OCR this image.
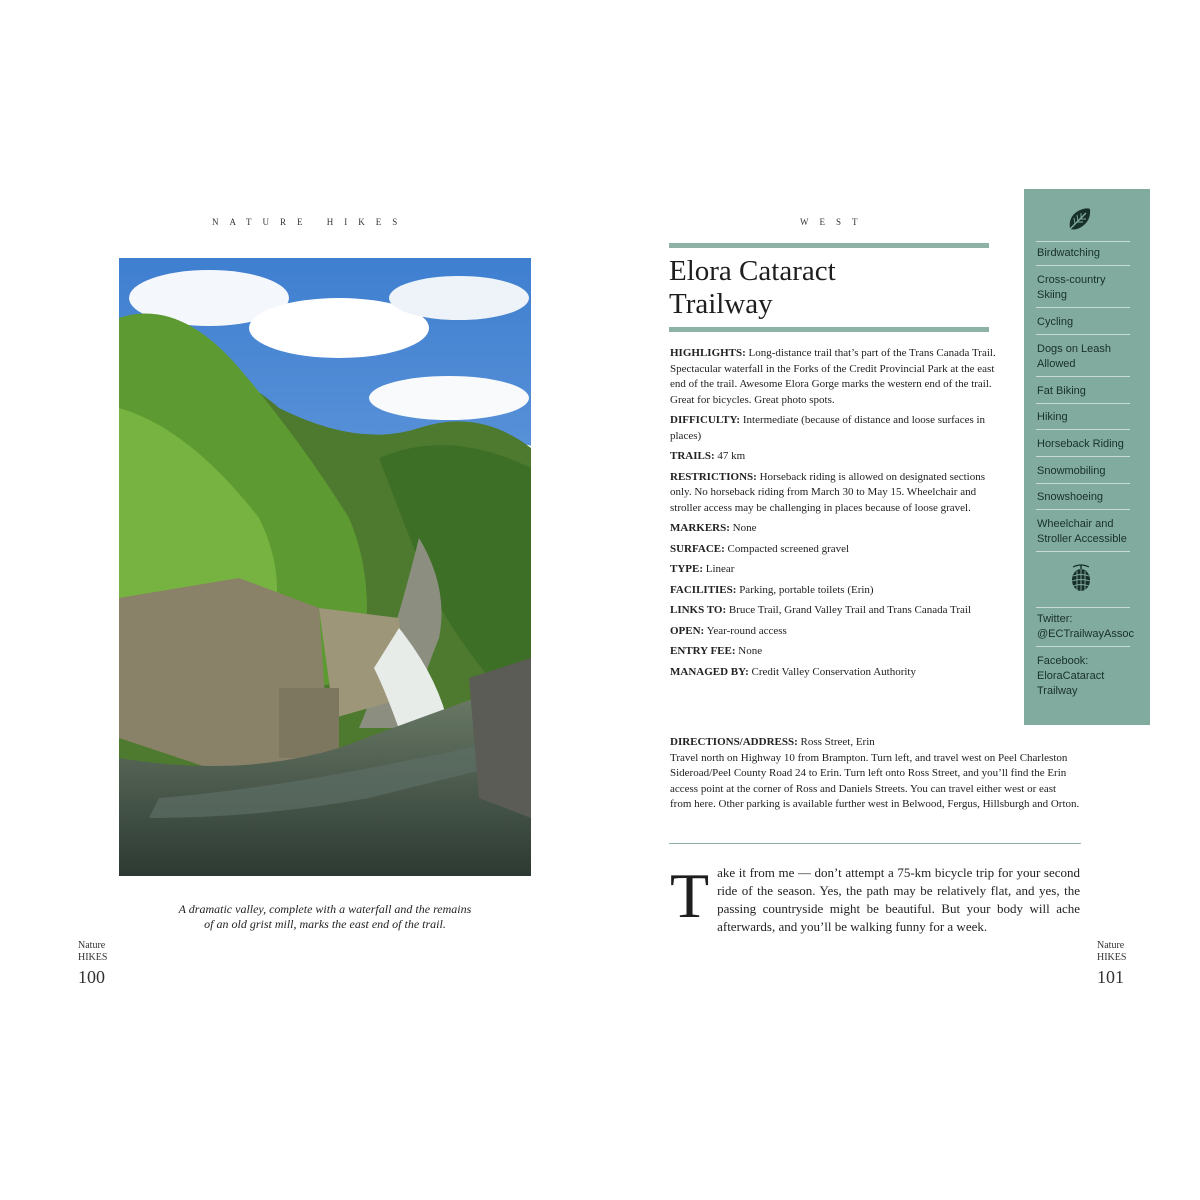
NATURE HIKES
A dramatic valley, complete with a waterfall and the remains
of an old grist mill, marks the east end of the trail.
Nature
HIKES
100
WEST
Elora Cataract
Trailway

HIGHLIGHTS: Long-distance trail that’s part of the Trans Canada Trail. Spectacular waterfall in the Forks of the Credit Provincial Park at the east end of the trail. Awesome Elora Gorge marks the western end of the trail. Great for bicycles. Great photo spots.

DIFFICULTY: Intermediate (because of distance and loose surfaces in places)

TRAILS: 47 km

RESTRICTIONS: Horseback riding is allowed on designated sections only. No horseback riding from March 30 to May 15. Wheelchair and stroller access may be challenging in places because of loose gravel.

MARKERS: None

SURFACE: Compacted screened gravel

TYPE: Linear

FACILITIES: Parking, portable toilets (Erin)

LINKS TO: Bruce Trail, Grand Valley Trail and Trans Canada Trail

OPEN: Year-round access

ENTRY FEE: None

MANAGED BY: Credit Valley Conservation Authority

DIRECTIONS/ADDRESS: Ross Street, Erin

Travel north on Highway 10 from Brampton. Turn left, and travel west on Peel Charleston Sideroad/Peel County Road 24 to Erin. Turn left onto Ross Street, and you’ll find the Erin access point at the corner of Ross and Daniels Streets. You can travel either west or east from here. Other parking is available further west in Belwood, Fergus, Hillsburgh and Orton.

Take it from me — don’t attempt a 75-km bicycle trip for your second ride of the season. Yes, the path may be relatively flat, and yes, the passing countryside might be beautiful. But your body will ache afterwards, and you’ll be walking funny for a week.
Nature
HIKES
101
Birdwatching
Cross-country Skiing
Cycling
Dogs on Leash Allowed
Fat Biking
Hiking
Horseback Riding
Snowmobiling
Snowshoeing
Wheelchair and Stroller Accessible
Twitter:
@ECTrailwayAssoc
Facebook:
EloraCataract
Trailway
